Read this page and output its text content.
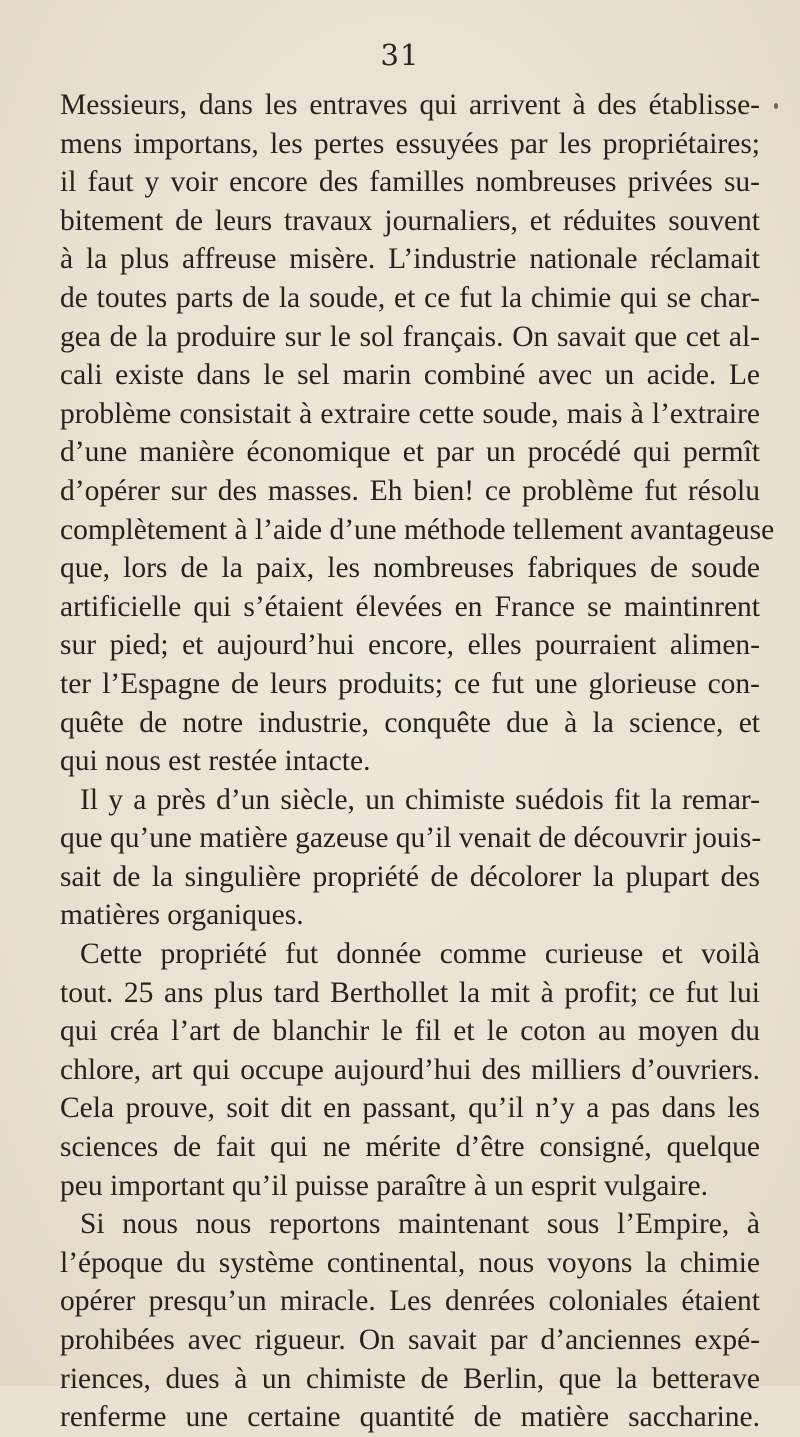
31
Messieurs, dans les entraves qui arrivent à des établisse-
mens importans, les pertes essuyées par les propriétaires;
il faut y voir encore des familles nombreuses privées su-
bitement de leurs travaux journaliers, et réduites souvent
à la plus affreuse misère. L’industrie nationale réclamait
de toutes parts de la soude, et ce fut la chimie qui se char-
gea de la produire sur le sol français. On savait que cet al-
cali existe dans le sel marin combiné avec un acide. Le
problème consistait à extraire cette soude, mais à l’extraire
d’une manière économique et par un procédé qui permît
d’opérer sur des masses. Eh bien! ce problème fut résolu
complètement à l’aide d’une méthode tellement avantageuse
que, lors de la paix, les nombreuses fabriques de soude
artificielle qui s’étaient élevées en France se maintinrent
sur pied; et aujourd’hui encore, elles pourraient alimen-
ter l’Espagne de leurs produits; ce fut une glorieuse con-
quête de notre industrie, conquête due à la science, et
qui nous est restée intacte.
Il y a près d’un siècle, un chimiste suédois fit la remar-
que qu’une matière gazeuse qu’il venait de découvrir jouis-
sait de la singulière propriété de décolorer la plupart des
matières organiques.
Cette propriété fut donnée comme curieuse et voilà
tout. 25 ans plus tard Berthollet la mit à profit; ce fut lui
qui créa l’art de blanchir le fil et le coton au moyen du
chlore, art qui occupe aujourd’hui des milliers d’ouvriers.
Cela prouve, soit dit en passant, qu’il n’y a pas dans les
sciences de fait qui ne mérite d’être consigné, quelque
peu important qu’il puisse paraître à un esprit vulgaire.
Si nous nous reportons maintenant sous l’Empire, à
l’époque du système continental, nous voyons la chimie
opérer presqu’un miracle. Les denrées coloniales étaient
prohibées avec rigueur. On savait par d’anciennes expé-
riences, dues à un chimiste de Berlin, que la betterave
renferme une certaine quantité de matière saccharine.
